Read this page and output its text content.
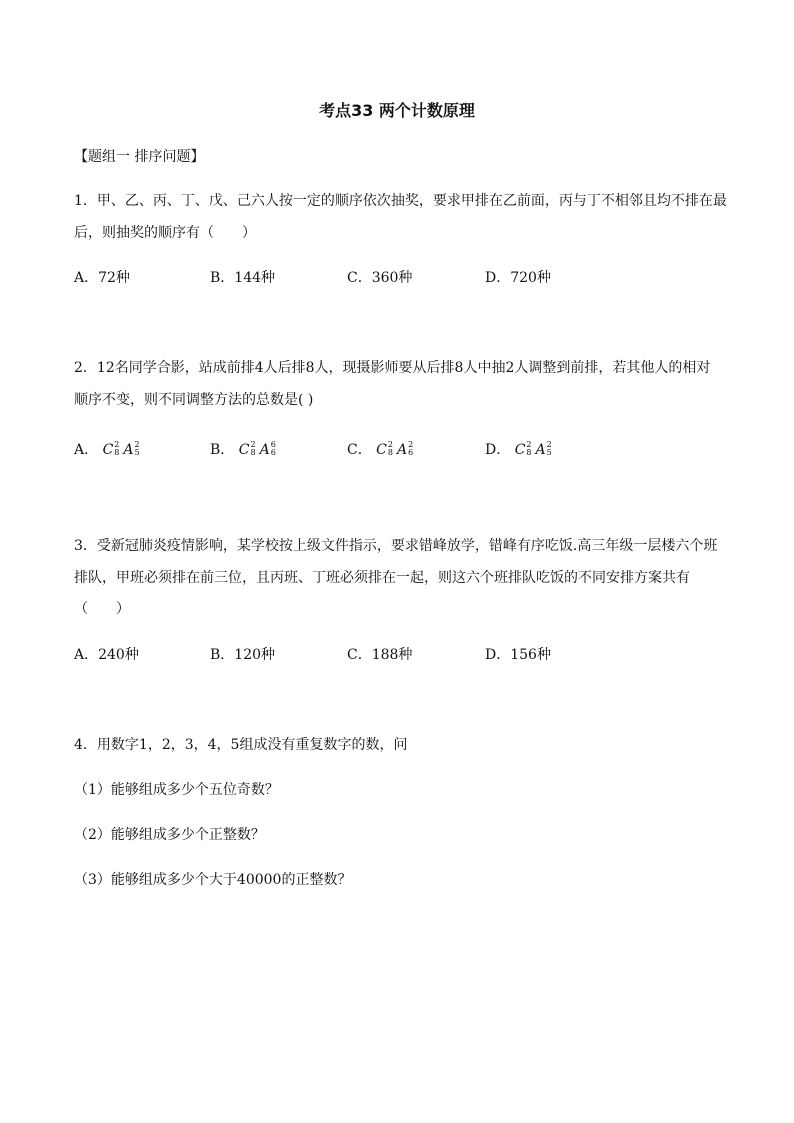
考点33 两个计数原理
【题组一 排序问题】
1．甲、乙、丙、丁、戊、己六人按一定的顺序依次抽奖，要求甲排在乙前面，丙与丁不相邻且均不排在最
后，则抽奖的顺序有（　　）
A．72种	B．144种	C．360种	D．720种
2．12名同学合影，站成前排4人后排8人，现摄影师要从后排8人中抽2人调整到前排，若其他人的相对
顺序不变，则不同调整方法的总数是( )
A． C 2
8 A 2
5	B． C 2
8 A 6
6	C． C 2
8 A 2
6	D． C 2
8 A 2
5
3．受新冠肺炎疫情影响，某学校按上级文件指示，要求错峰放学，错峰有序吃饭.高三年级一层楼六个班
排队，甲班必须排在前三位，且丙班、丁班必须排在一起，则这六个班排队吃饭的不同安排方案共有
（　　）
A．240种	B．120种	C．188种	D．156种
4．用数字1，2，3，4，5组成没有重复数字的数，问
（1）能够组成多少个五位奇数？
（2）能够组成多少个正整数？
（3）能够组成多少个大于40000的正整数？
